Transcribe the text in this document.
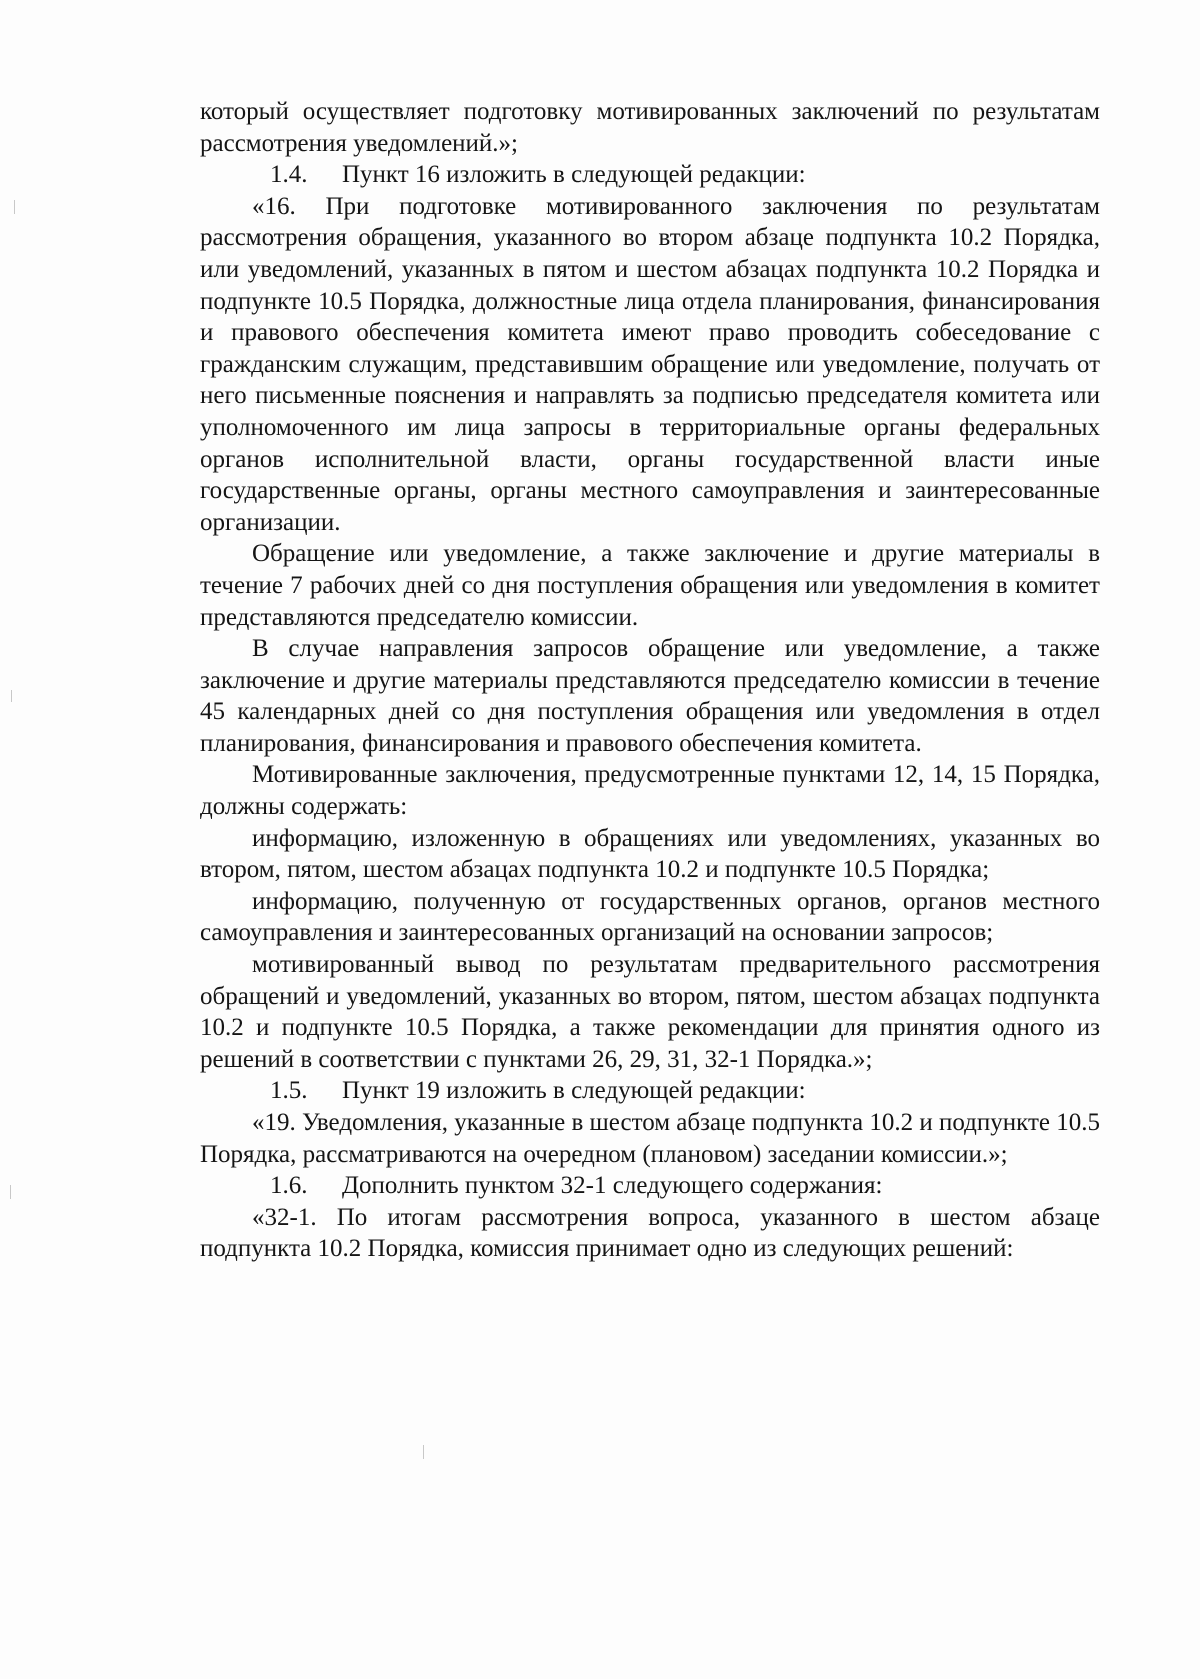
который осуществляет подготовку мотивированных заключений по результатам рассмотрения уведомлений.»;

1.4. Пункт 16 изложить в следующей редакции:

«16. При подготовке мотивированного заключения по результатам рассмотрения обращения, указанного во втором абзаце подпункта 10.2 Порядка, или уведомлений, указанных в пятом и шестом абзацах подпункта 10.2 Порядка и подпункте 10.5 Порядка, должностные лица отдела планирования, финансирования и правового обеспечения комитета имеют право проводить собеседование с гражданским служащим, представившим обращение или уведомление, получать от него письменные пояснения и направлять за подписью председателя комитета или уполномоченного им лица запросы в территориальные органы федеральных органов исполнительной власти, органы государственной власти иные государственные органы, органы местного самоуправления и заинтересованные организации.

Обращение или уведомление, а также заключение и другие материалы в течение 7 рабочих дней со дня поступления обращения или уведомления в комитет представляются председателю комиссии.

В случае направления запросов обращение или уведомление, а также заключение и другие материалы представляются председателю комиссии в течение 45 календарных дней со дня поступления обращения или уведомления в отдел планирования, финансирования и правового обеспечения комитета.

Мотивированные заключения, предусмотренные пунктами 12, 14, 15 Порядка, должны содержать:

информацию, изложенную в обращениях или уведомлениях, указанных во втором, пятом, шестом абзацах подпункта 10.2 и подпункте 10.5 Порядка;

информацию, полученную от государственных органов, органов местного самоуправления и заинтересованных организаций на основании запросов;

мотивированный вывод по результатам предварительного рассмотрения обращений и уведомлений, указанных во втором, пятом, шестом абзацах подпункта 10.2 и подпункте 10.5 Порядка, а также рекомендации для принятия одного из решений в соответствии с пунктами 26, 29, 31, 32-1 Порядка.»;

1.5. Пункт 19 изложить в следующей редакции:

«19. Уведомления, указанные в шестом абзаце подпункта 10.2 и подпункте 10.5 Порядка, рассматриваются на очередном (плановом) заседании комиссии.»;

1.6. Дополнить пунктом 32-1 следующего содержания:

«32-1. По итогам рассмотрения вопроса, указанного в шестом абзаце подпункта 10.2 Порядка, комиссия принимает одно из следующих решений:
